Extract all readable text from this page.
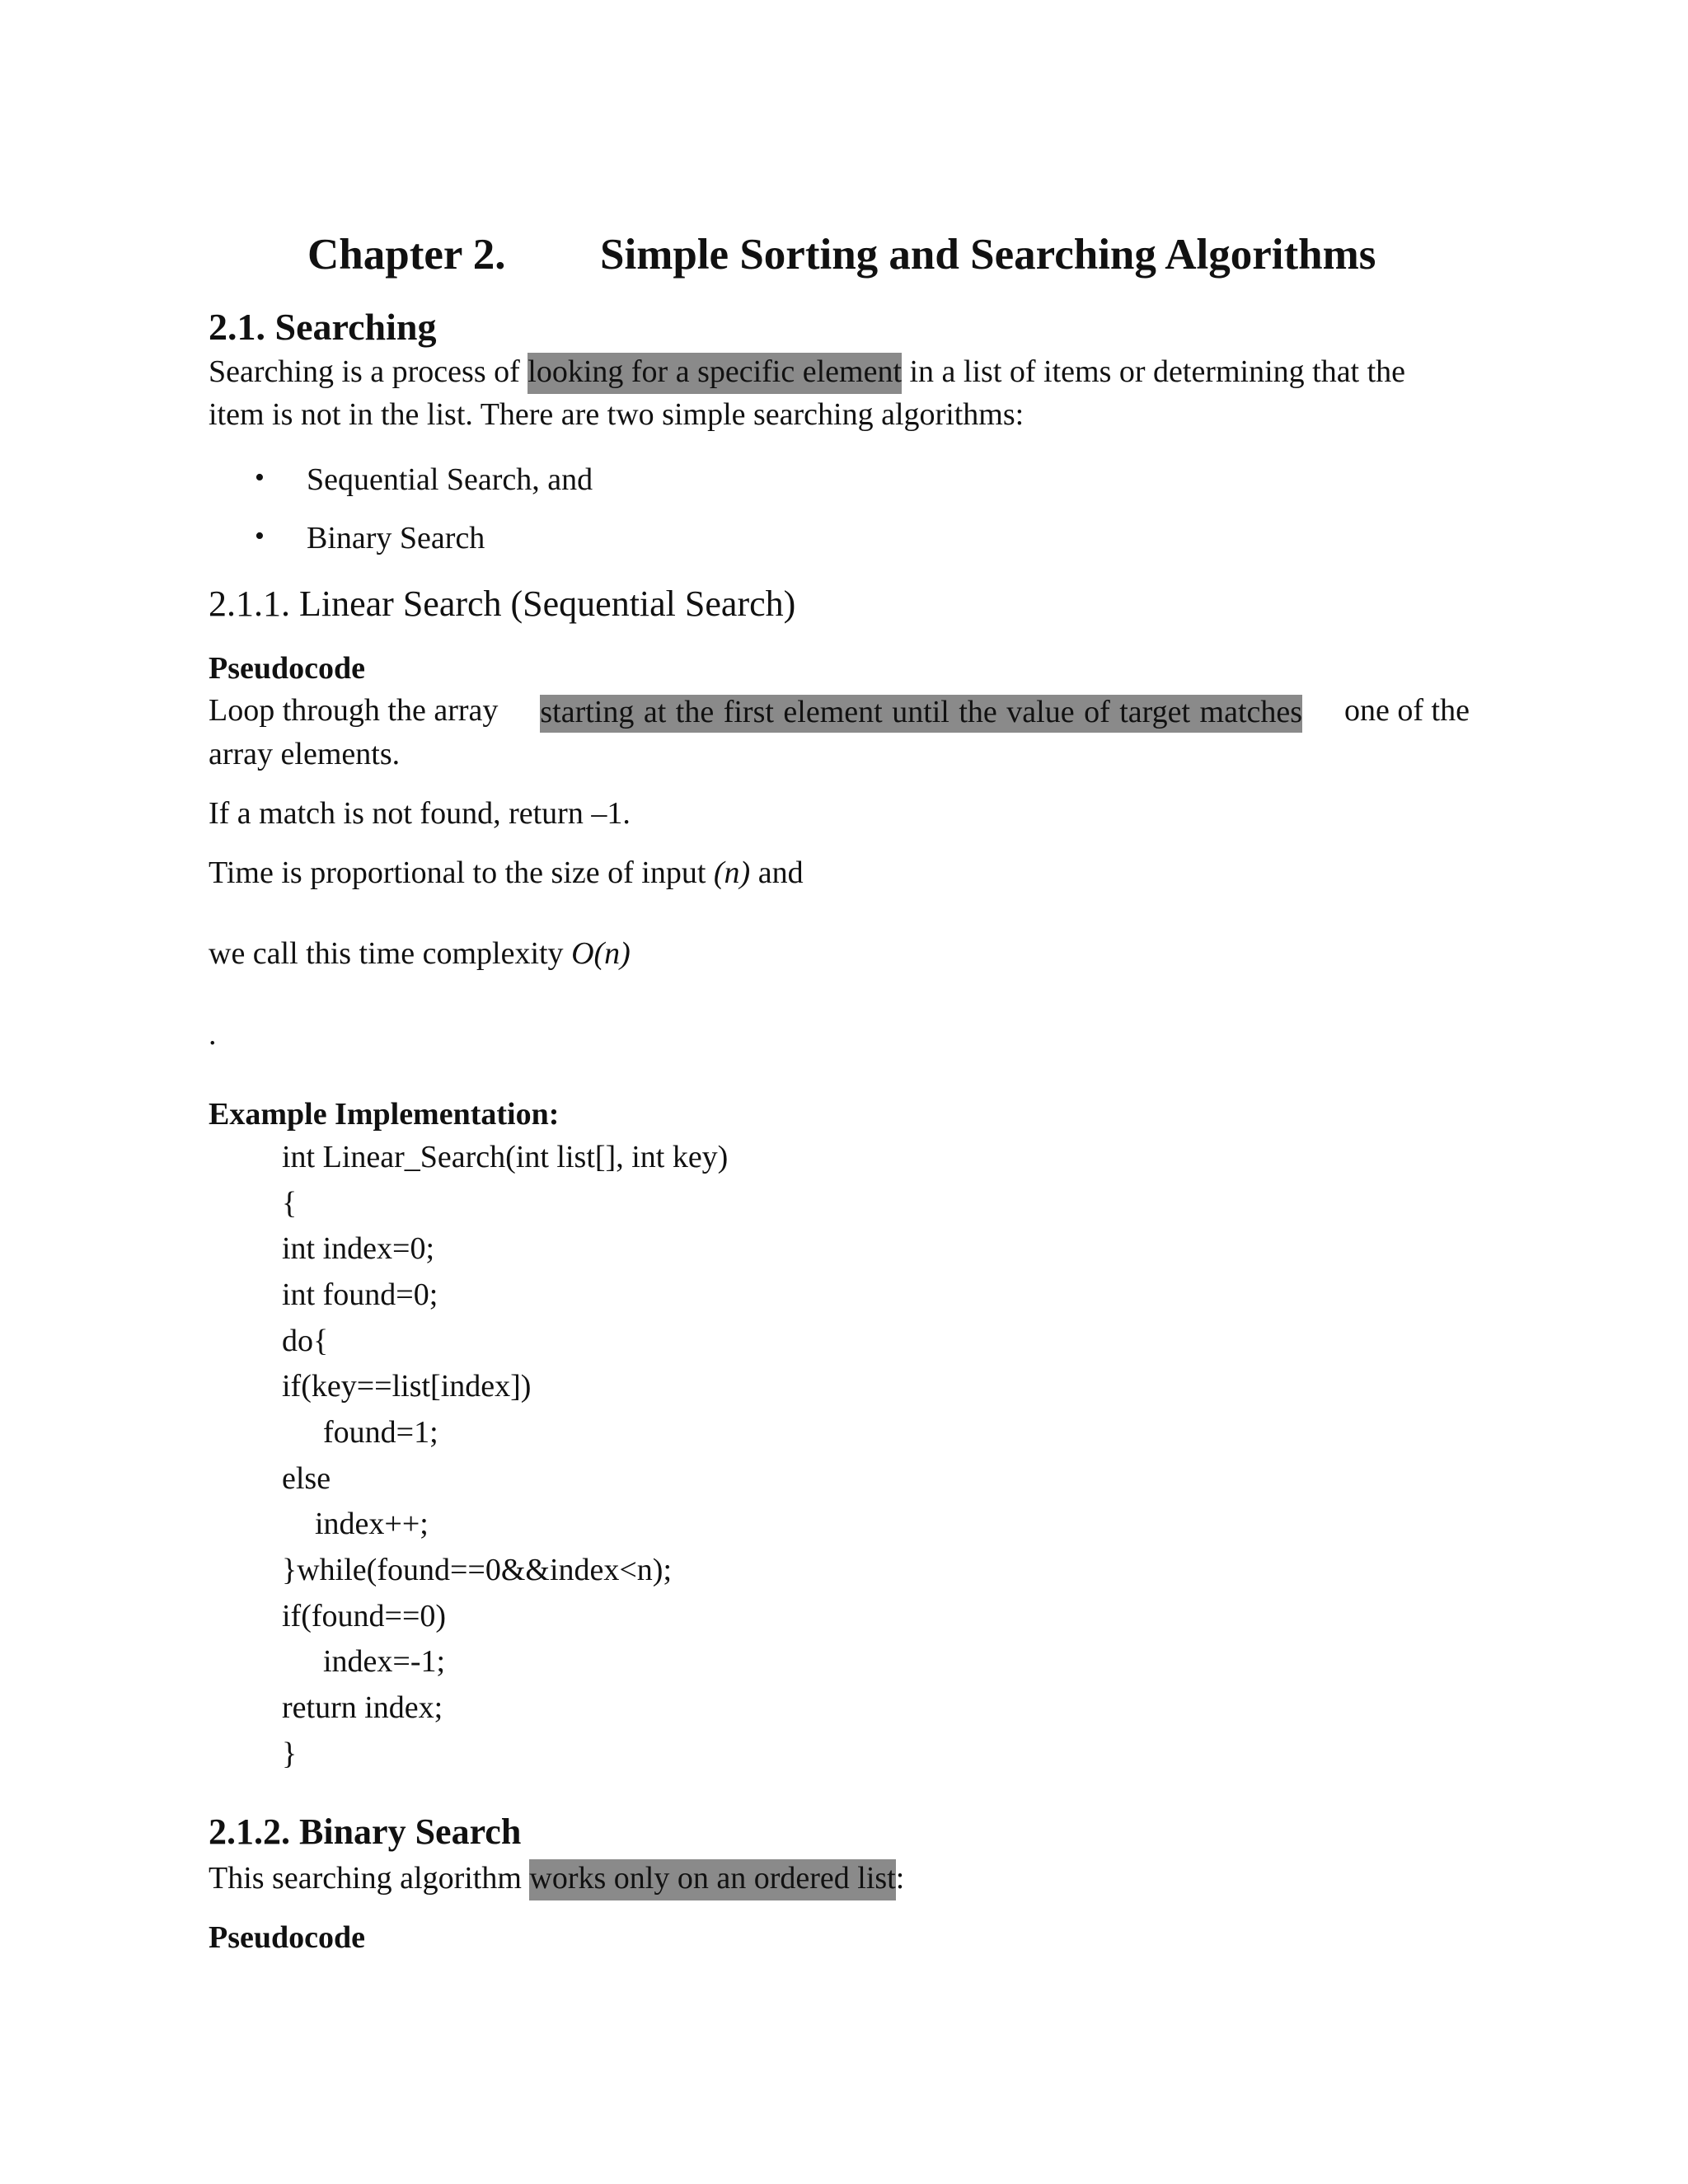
Chapter 2. Simple Sorting and Searching Algorithms
2.1. Searching
Searching is a process of looking for a specific element in a list of items or determining that the
item is not in the list. There are two simple searching algorithms:
• Sequential Search, and
• Binary Search
2.1.1. Linear Search (Sequential Search)
Pseudocode
Loop through the array starting at the first element until the value of target matches one of the
array elements.
If a match is not found, return –1.
Time is proportional to the size of input (n) and
we call this time complexity O(n)
.
Example Implementation:
int Linear_Search(int list[], int key)
{
int index=0;
int found=0;
do{
if(key==list[index])
found=1;
else
index++;
}while(found==0&&index<n);
if(found==0)
index=-1;
return index;
}
2.1.2. Binary Search
This searching algorithm works only on an ordered list:
Pseudocode
